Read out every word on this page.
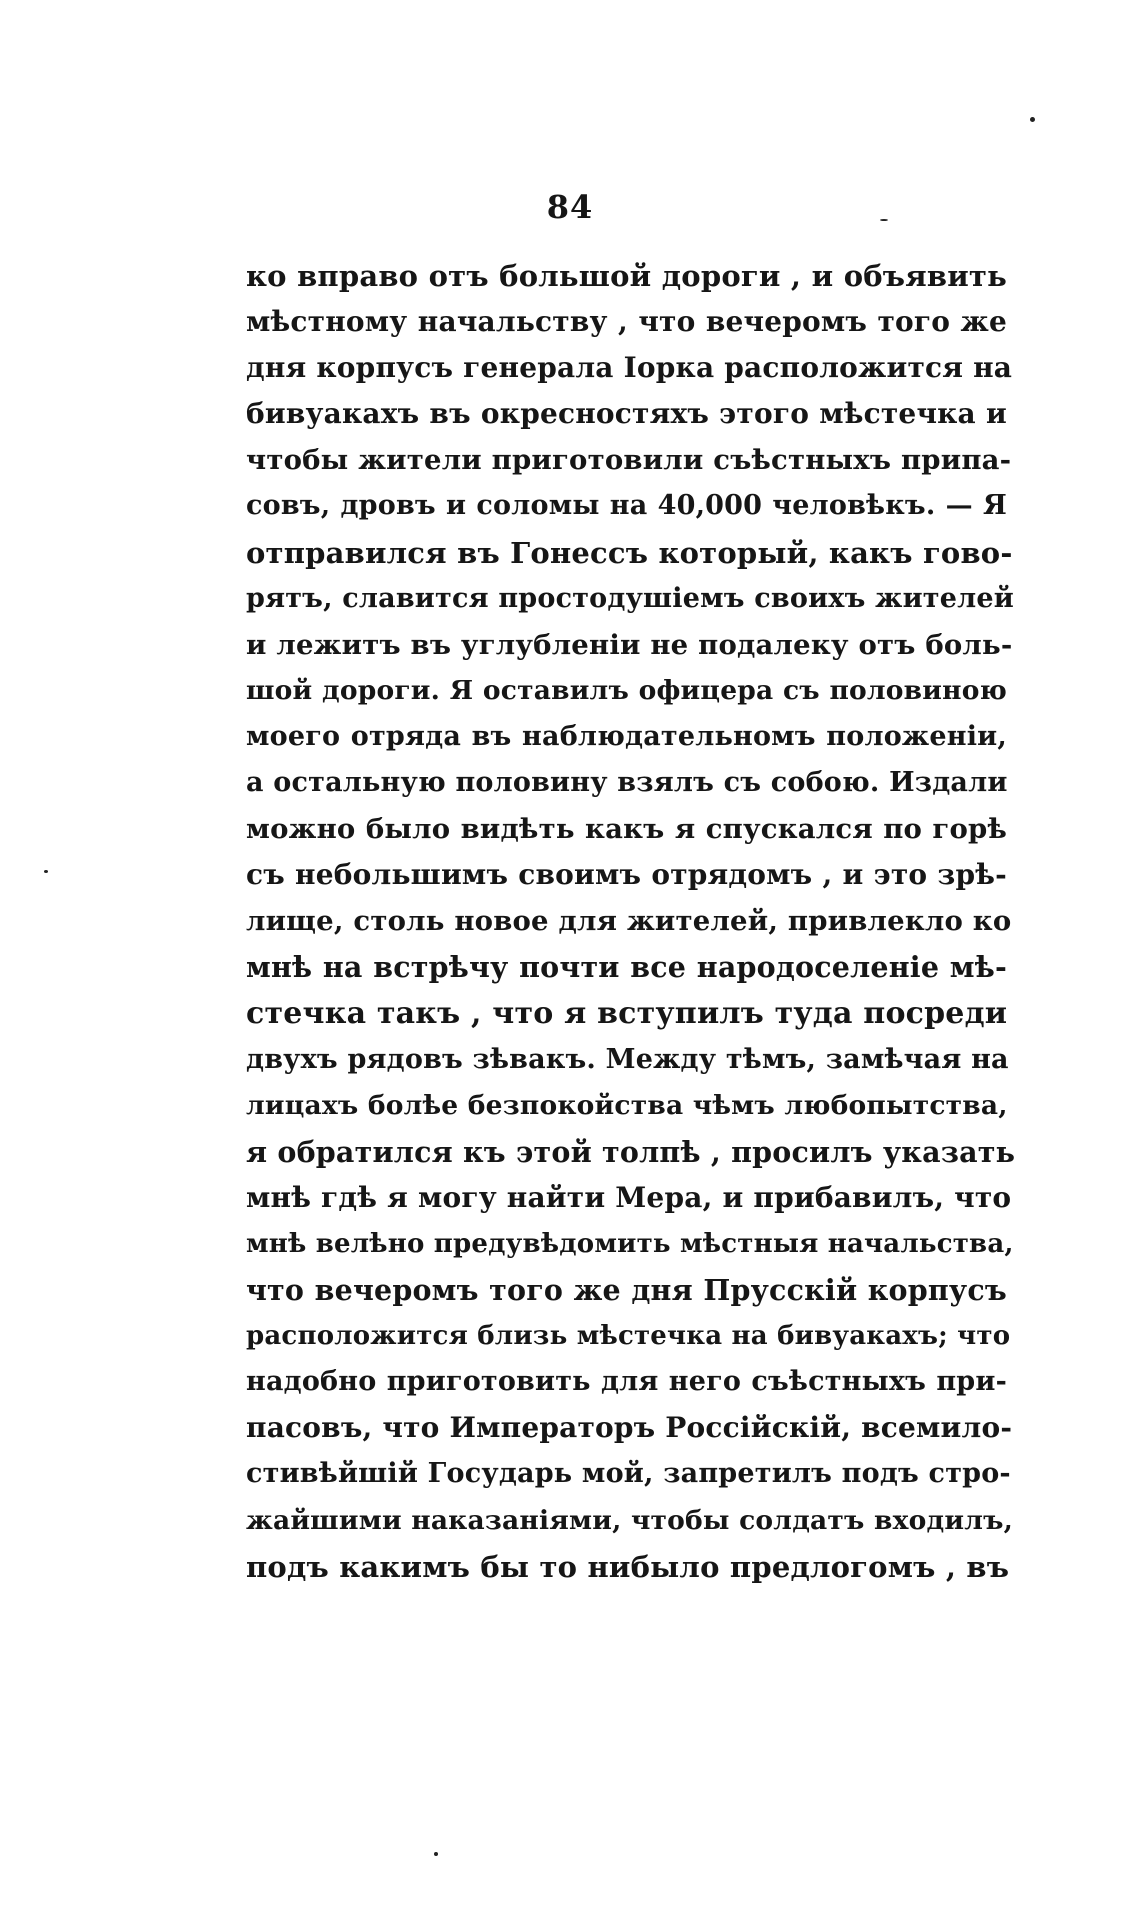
84
ко вправо отъ большой дороги , и объявить
мѣстному начальству , что вечеромъ того же
дня корпусъ генерала Іорка расположится на
бивуакахъ въ окресностяхъ этого мѣстечка и
чтобы жители приготовили съѣстныхъ припа-
совъ, дровъ и соломы на 40,000 человѣкъ. — Я
отправился въ Гонессъ который, какъ гово-
рятъ, славится простодушіемъ своихъ жителей
и лежитъ въ углубленіи не подалеку отъ боль-
шой дороги. Я оставилъ офицера съ половиною
моего отряда въ наблюдательномъ положеніи,
а остальную половину взялъ съ собою. Издали
можно было видѣть какъ я спускался по горѣ
съ небольшимъ своимъ отрядомъ , и это зрѣ-
лище, столь новое для жителей, привлекло ко
мнѣ на встрѣчу почти все народоселеніе мѣ-
стечка такъ , что я вступилъ туда посреди
двухъ рядовъ зѣвакъ. Между тѣмъ, замѣчая на
лицахъ болѣе безпокойства чѣмъ любопытства,
я обратился къ этой толпѣ , просилъ указать
мнѣ гдѣ я могу найти Мера, и прибавилъ, что
мнѣ велѣно предувѣдомить мѣстныя начальства,
что вечеромъ того же дня Прусскій корпусъ
расположится близь мѣстечка на бивуакахъ; что
надобно приготовить для него съѣстныхъ при-
пасовъ, что Императоръ Россійскій, всемило-
стивѣйшій Государь мой, запретилъ подъ стро-
жайшими наказаніями, чтобы солдатъ входилъ,
подъ какимъ бы то нибыло предлогомъ , въ
